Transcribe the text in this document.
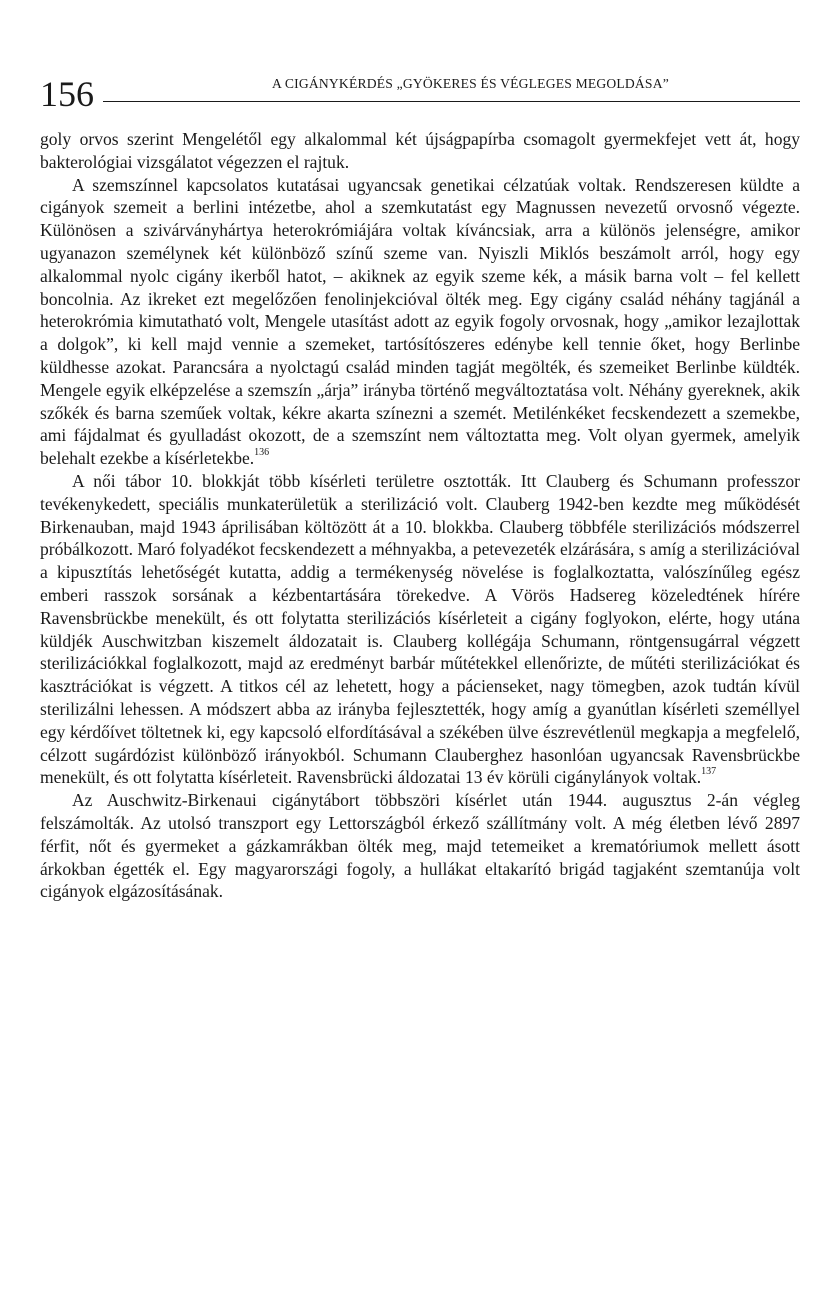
156	A CIGÁNYKÉRDÉS „GYÖKERES ÉS VÉGLEGES MEGOLDÁSA”

goly orvos szerint Mengelétől egy alkalommal két újságpapírba csomagolt gyermekfejet vett át, hogy bakterológiai vizsgálatot végezzen el rajtuk.

A szemszínnel kapcsolatos kutatásai ugyancsak genetikai célzatúak voltak. Rendszeresen küldte a cigányok szemeit a berlini intézetbe, ahol a szemkutatást egy Magnussen nevezetű orvosnő végezte. Különösen a szivárványhártya heterokrómiájára voltak kíváncsiak, arra a különös jelenségre, amikor ugyanazon személynek két különböző színű szeme van. Nyiszli Miklós beszámolt arról, hogy egy alkalommal nyolc cigány ikerből hatot, – akiknek az egyik szeme kék, a másik barna volt – fel kellett boncolnia. Az ikreket ezt megelőzően fenolinjekcióval ölték meg. Egy cigány család néhány tagjánál a heterokrómia kimutatható volt, Mengele utasítást adott az egyik fogoly orvosnak, hogy „amikor lezajlottak a dolgok”, ki kell majd vennie a szemeket, tartósítószeres edénybe kell tennie őket, hogy Berlinbe küldhesse azokat. Parancsára a nyolctagú család minden tagját megölték, és szemeiket Berlinbe küldték. Mengele egyik elképzelése a szemszín „árja” irányba történő megváltoztatása volt. Néhány gyereknek, akik szőkék és barna szeműek voltak, kékre akarta színezni a szemét. Metilénkéket fecskendezett a szemekbe, ami fájdalmat és gyulladást okozott, de a szemszínt nem változtatta meg. Volt olyan gyermek, amelyik belehalt ezekbe a kísérletekbe.$^{136}$

A női tábor 10. blokkját több kísérleti területre osztották. Itt Clauberg és Schumann professzor tevékenykedett, speciális munkaterületük a sterilizáció volt. Clauberg 1942-ben kezdte meg működését Birkenauban, majd 1943 áprilisában költözött át a 10. blokkba. Clauberg többféle sterilizációs módszerrel próbálkozott. Maró folyadékot fecskendezett a méhnyakba, a petevezeték elzárására, s amíg a sterilizációval a kipusztítás lehetőségét kutatta, addig a termékenység növelése is foglalkoztatta, valószínűleg egész emberi rasszok sorsának a kézbentartására törekedve. A Vörös Hadsereg közeledtének hírére Ravensbrückbe menekült, és ott folytatta sterilizációs kísérleteit a cigány foglyokon, elérte, hogy utána küldjék Auschwitzban kiszemelt áldozatait is. Clauberg kollégája Schumann, röntgensugárral végzett sterilizációkkal foglalkozott, majd az eredményt barbár műtétekkel ellenőrizte, de műtéti sterilizációkat és kasztrációkat is végzett. A titkos cél az lehetett, hogy a pácienseket, nagy tömegben, azok tudtán kívül sterilizálni lehessen. A módszert abba az irányba fejlesztették, hogy amíg a gyanútlan kísérleti személlyel egy kérdőívet töltetnek ki, egy kapcsoló elfordításával a székében ülve észrevétlenül megkapja a megfelelő, célzott sugárdózist különböző irányokból. Schumann Clauberghez hasonlóan ugyancsak Ravensbrückbe menekült, és ott folytatta kísérleteit. Ravensbrücki áldozatai 13 év körüli cigánylányok voltak.$^{137}$

Az Auschwitz-Birkenaui cigánytábort többszöri kísérlet után 1944. augusztus 2-án végleg felszámolták. Az utolsó transzport egy Lettországból érkező szállítmány volt. A még életben lévő 2897 férfit, nőt és gyermeket a gázkamrákban ölték meg, majd tetemeiket a krematóriumok mellett ásott árkokban égették el. Egy magyarországi fogoly, a hullákat eltakarító brigád tagjaként szemtanúja volt cigányok elgázosításának.
